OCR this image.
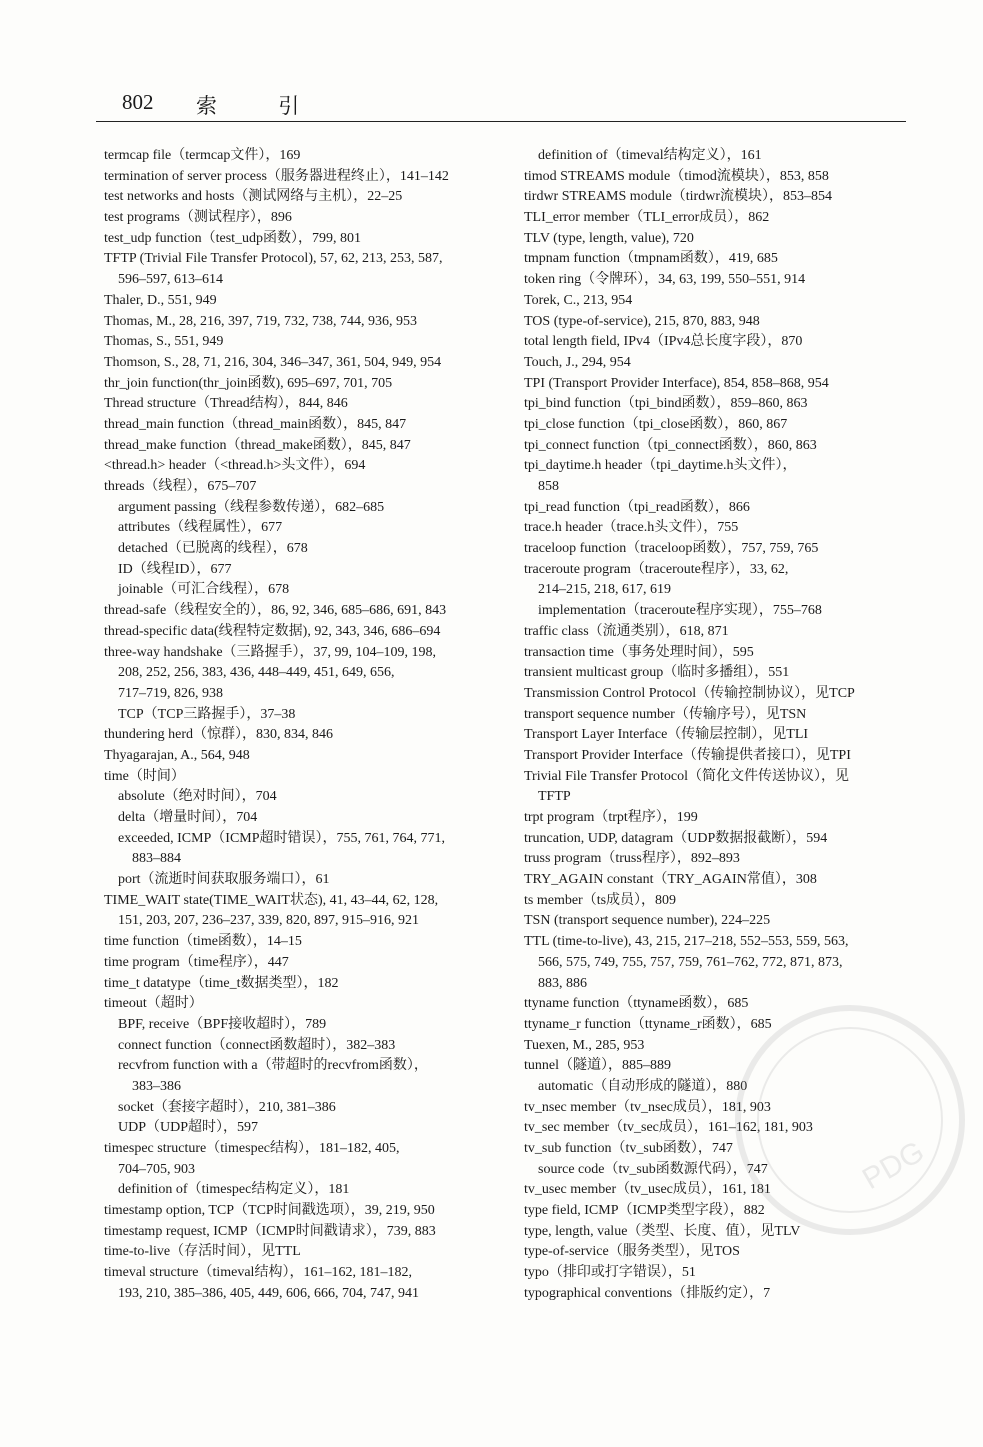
802 索 引
termcap file（termcap文件），169
termination of server process（服务器进程终止），141–142
test networks and hosts（测试网络与主机），22–25
test programs（测试程序），896
test_udp function（test_udp函数），799, 801
TFTP (Trivial File Transfer Protocol), 57, 62, 213, 253, 587,
596–597, 613–614
Thaler, D., 551, 949
Thomas, M., 28, 216, 397, 719, 732, 738, 744, 936, 953
Thomas, S., 551, 949
Thomson, S., 28, 71, 216, 304, 346–347, 361, 504, 949, 954
thr_join function(thr_join函数), 695–697, 701, 705
Thread structure（Thread结构），844, 846
thread_main function（thread_main函数），845, 847
thread_make function（thread_make函数），845, 847
<thread.h> header（<thread.h>头文件），694
threads（线程），675–707
argument passing（线程参数传递），682–685
attributes（线程属性），677
detached（已脱离的线程），678
ID（线程ID），677
joinable（可汇合线程），678
thread-safe（线程安全的），86, 92, 346, 685–686, 691, 843
thread-specific data(线程特定数据), 92, 343, 346, 686–694
three-way handshake（三路握手），37, 99, 104–109, 198,
208, 252, 256, 383, 436, 448–449, 451, 649, 656,
717–719, 826, 938
TCP（TCP三路握手），37–38
thundering herd（惊群），830, 834, 846
Thyagarajan, A., 564, 948
time（时间）
absolute（绝对时间），704
delta（增量时间），704
exceeded, ICMP（ICMP超时错误），755, 761, 764, 771,
883–884
port（流逝时间获取服务端口），61
TIME_WAIT state(TIME_WAIT状态), 41, 43–44, 62, 128,
151, 203, 207, 236–237, 339, 820, 897, 915–916, 921
time function（time函数），14–15
time program（time程序），447
time_t datatype（time_t数据类型），182
timeout（超时）
BPF, receive（BPF接收超时），789
connect function（connect函数超时），382–383
recvfrom function with a（带超时的recvfrom函数），
383–386
socket（套接字超时），210, 381–386
UDP（UDP超时），597
timespec structure（timespec结构），181–182, 405,
704–705, 903
definition of（timespec结构定义），181
timestamp option, TCP（TCP时间戳选项），39, 219, 950
timestamp request, ICMP（ICMP时间戳请求），739, 883
time-to-live（存活时间），见TTL
timeval structure（timeval结构），161–162, 181–182,
193, 210, 385–386, 405, 449, 606, 666, 704, 747, 941
definition of（timeval结构定义），161
timod STREAMS module（timod流模块），853, 858
tirdwr STREAMS module（tirdwr流模块），853–854
TLI_error member（TLI_error成员），862
TLV (type, length, value), 720
tmpnam function（tmpnam函数），419, 685
token ring（令牌环），34, 63, 199, 550–551, 914
Torek, C., 213, 954
TOS (type-of-service), 215, 870, 883, 948
total length field, IPv4（IPv4总长度字段），870
Touch, J., 294, 954
TPI (Transport Provider Interface), 854, 858–868, 954
tpi_bind function（tpi_bind函数），859–860, 863
tpi_close function（tpi_close函数），860, 867
tpi_connect function（tpi_connect函数），860, 863
tpi_daytime.h header（tpi_daytime.h头文件），
858
tpi_read function（tpi_read函数），866
trace.h header（trace.h头文件），755
traceloop function（traceloop函数），757, 759, 765
traceroute program（traceroute程序），33, 62,
214–215, 218, 617, 619
implementation（traceroute程序实现），755–768
traffic class（流通类别），618, 871
transaction time（事务处理时间），595
transient multicast group（临时多播组），551
Transmission Control Protocol（传输控制协议），见TCP
transport sequence number（传输序号），见TSN
Transport Layer Interface（传输层控制），见TLI
Transport Provider Interface（传输提供者接口），见TPI
Trivial File Transfer Protocol（简化文件传送协议），见
TFTP
trpt program（trpt程序），199
truncation, UDP, datagram（UDP数据报截断），594
truss program（truss程序），892–893
TRY_AGAIN constant（TRY_AGAIN常值），308
ts member（ts成员），809
TSN (transport sequence number), 224–225
TTL (time-to-live), 43, 215, 217–218, 552–553, 559, 563,
566, 575, 749, 755, 757, 759, 761–762, 772, 871, 873,
883, 886
ttyname function（ttyname函数），685
ttyname_r function（ttyname_r函数），685
Tuexen, M., 285, 953
tunnel（隧道），885–889
automatic（自动形成的隧道），880
tv_nsec member（tv_nsec成员），181, 903
tv_sec member（tv_sec成员），161–162, 181, 903
tv_sub function（tv_sub函数），747
source code（tv_sub函数源代码），747
tv_usec member（tv_usec成员），161, 181
type field, ICMP（ICMP类型字段），882
type, length, value（类型、长度、值），见TLV
type-of-service（服务类型），见TOS
typo（排印或打字错误），51
typographical conventions（排版约定），7
PDG
